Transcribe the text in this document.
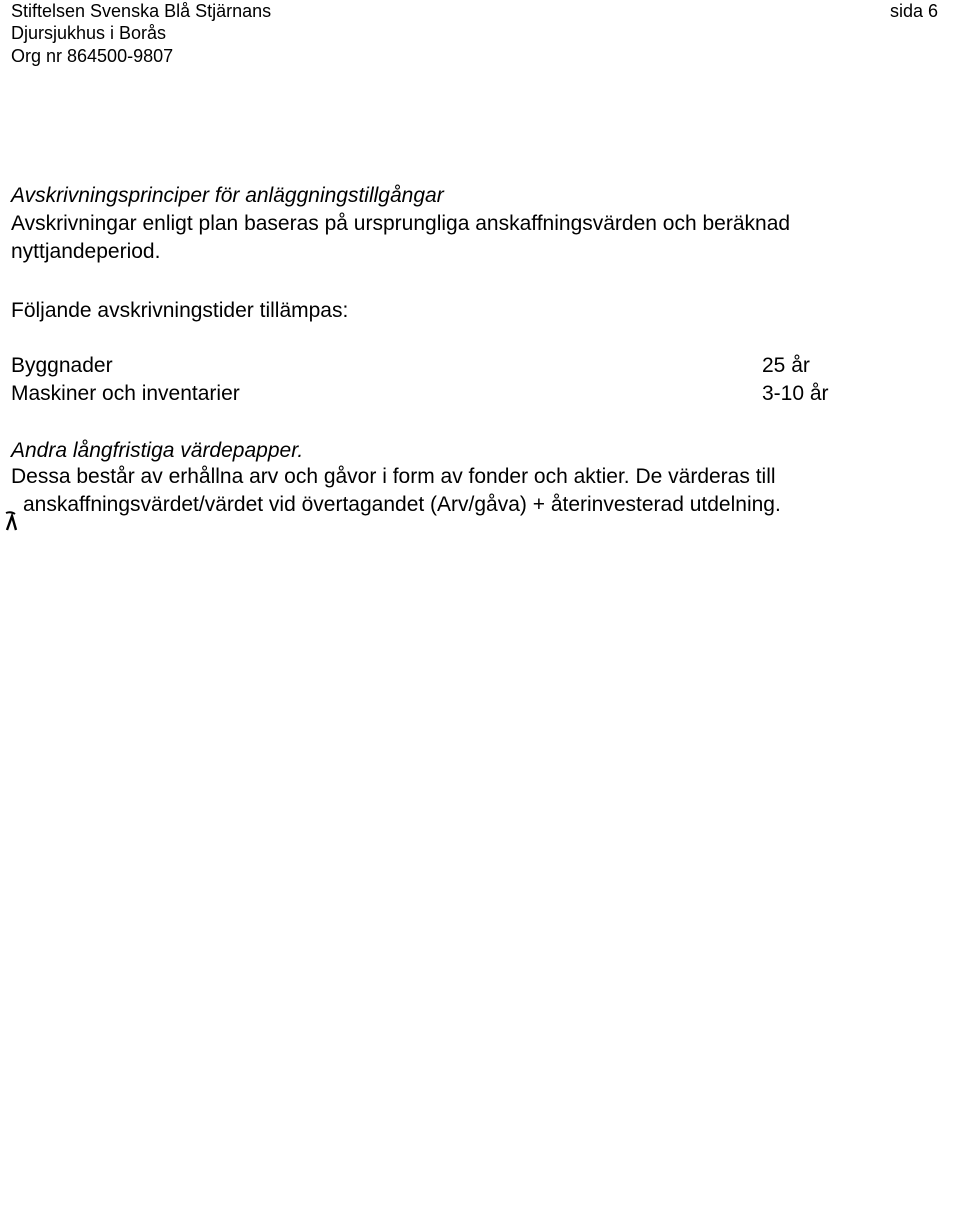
Stiftelsen Svenska Blå Stjärnans
Djursjukhus i Borås
Org nr 864500-9807
sida 6
Avskrivningsprinciper för anläggningstillgångar
Avskrivningar enligt plan baseras på ursprungliga anskaffningsvärden och beräknad
nyttjandeperiod.
Följande avskrivningstider tillämpas:
Byggnader	25 år
Maskiner och inventarier	3-10 år
Andra långfristiga värdepapper.
Dessa består av erhållna arv och gåvor i form av fonder och aktier. De värderas till
anskaffningsvärdet/värdet vid övertagandet (Arv/gåva) + återinvesterad utdelning.
